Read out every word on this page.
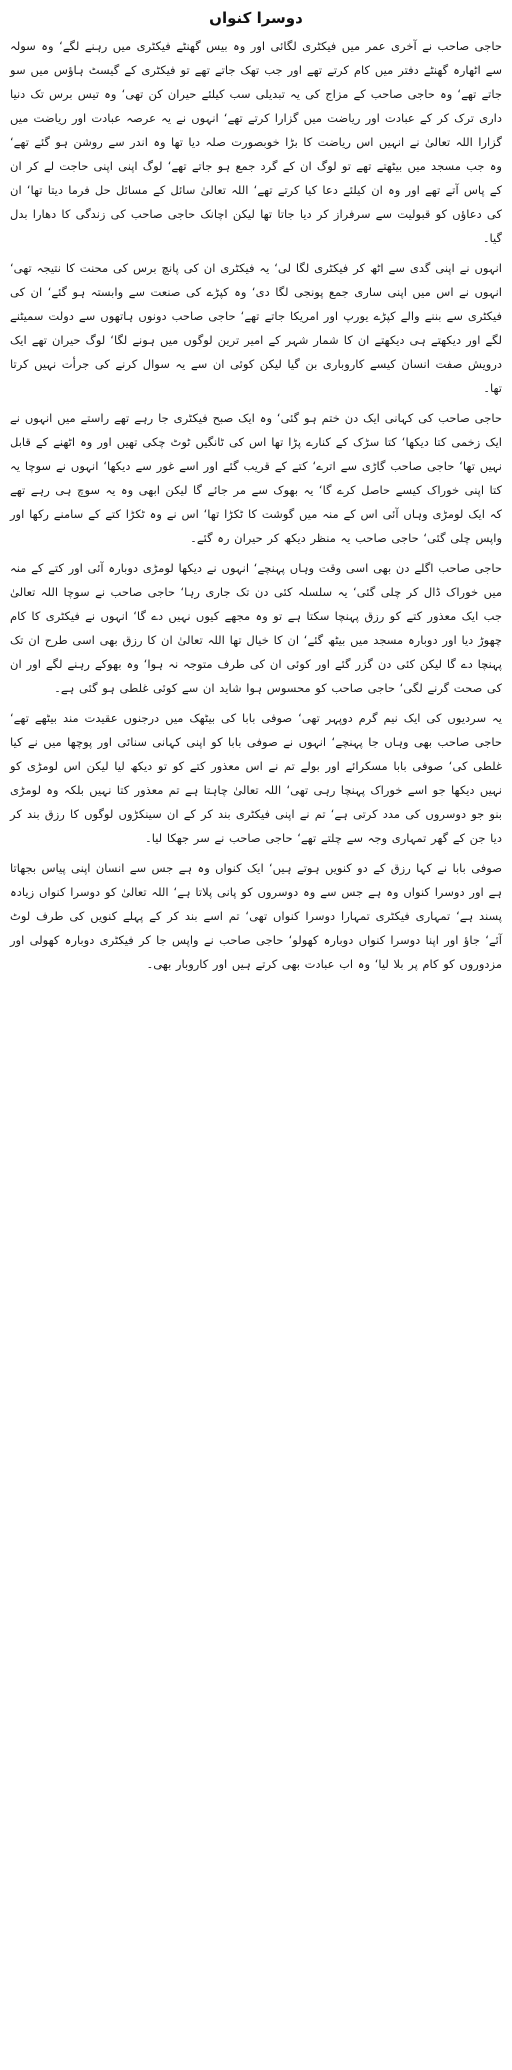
دوسرا کنواں

حاجی صاحب نے آخری عمر میں فیکٹری لگائی اور وہ بیس گھنٹے فیکٹری میں رہنے لگے‘ وہ سولہ سے اٹھارہ گھنٹے دفتر میں کام کرتے تھے اور جب تھک جاتے تھے تو فیکٹری کے گیسٹ ہاؤس میں سو جاتے تھے‘ وہ حاجی صاحب کے مزاج کی یہ تبدیلی سب کیلئے حیران کن تھی‘ وہ تیس برس تک دنیا داری ترک کر کے عبادت اور ریاضت میں گزارا کرتے تھے‘ انہوں نے یہ عرصہ عبادت اور ریاضت میں گزارا اللہ تعالیٰ نے انہیں اس ریاضت کا بڑا خوبصورت صلہ دیا تھا وہ اندر سے روشن ہو گئے تھے‘ وہ جب مسجد میں بیٹھتے تھے تو لوگ ان کے گرد جمع ہو جاتے تھے‘ لوگ اپنی اپنی حاجت لے کر ان کے پاس آتے تھے اور وہ ان کیلئے دعا کیا کرتے تھے‘ اللہ تعالیٰ سائل کے مسائل حل فرما دیتا تھا‘ ان کی دعاؤں کو قبولیت سے سرفراز کر دیا جاتا تھا لیکن اچانک حاجی صاحب کی زندگی کا دھارا بدل گیا۔

انہوں نے اپنی گدی سے اٹھ کر فیکٹری لگا لی‘ یہ فیکٹری ان کی پانچ برس کی محنت کا نتیجہ تھی‘ انہوں نے اس میں اپنی ساری جمع پونجی لگا دی‘ وہ کپڑے کی صنعت سے وابستہ ہو گئے‘ ان کی فیکٹری سے بننے والے کپڑے یورپ اور امریکا جاتے تھے‘ حاجی صاحب دونوں ہاتھوں سے دولت سمیٹنے لگے اور دیکھتے ہی دیکھتے ان کا شمار شہر کے امیر ترین لوگوں میں ہونے لگا‘ لوگ حیران تھے ایک درویش صفت انسان کیسے کاروباری بن گیا لیکن کوئی ان سے یہ سوال کرنے کی جرأت نہیں کرتا تھا۔

حاجی صاحب کی کہانی ایک دن ختم ہو گئی‘ وہ ایک صبح فیکٹری جا رہے تھے راستے میں انہوں نے ایک زخمی کتا دیکھا‘ کتا سڑک کے کنارے پڑا تھا اس کی ٹانگیں ٹوٹ چکی تھیں اور وہ اٹھنے کے قابل نہیں تھا‘ حاجی صاحب گاڑی سے اترے‘ کتے کے قریب گئے اور اسے غور سے دیکھا‘ انہوں نے سوچا یہ کتا اپنی خوراک کیسے حاصل کرے گا‘ یہ بھوک سے مر جائے گا لیکن ابھی وہ یہ سوچ ہی رہے تھے کہ ایک لومڑی وہاں آئی اس کے منہ میں گوشت کا ٹکڑا تھا‘ اس نے وہ ٹکڑا کتے کے سامنے رکھا اور واپس چلی گئی‘ حاجی صاحب یہ منظر دیکھ کر حیران رہ گئے۔

حاجی صاحب اگلے دن بھی اسی وقت وہاں پہنچے‘ انہوں نے دیکھا لومڑی دوبارہ آئی اور کتے کے منہ میں خوراک ڈال کر چلی گئی‘ یہ سلسلہ کئی دن تک جاری رہا‘ حاجی صاحب نے سوچا اللہ تعالیٰ جب ایک معذور کتے کو رزق پہنچا سکتا ہے تو وہ مجھے کیوں نہیں دے گا‘ انہوں نے فیکٹری کا کام چھوڑ دیا اور دوبارہ مسجد میں بیٹھ گئے‘ ان کا خیال تھا اللہ تعالیٰ ان کا رزق بھی اسی طرح ان تک پہنچا دے گا لیکن کئی دن گزر گئے اور کوئی ان کی طرف متوجہ نہ ہوا‘ وہ بھوکے رہنے لگے اور ان کی صحت گرنے لگی‘ حاجی صاحب کو محسوس ہوا شاید ان سے کوئی غلطی ہو گئی ہے۔

یہ سردیوں کی ایک نیم گرم دوپہر تھی‘ صوفی بابا کی بیٹھک میں درجنوں عقیدت مند بیٹھے تھے‘ حاجی صاحب بھی وہاں جا پہنچے‘ انہوں نے صوفی بابا کو اپنی کہانی سنائی اور پوچھا میں نے کیا غلطی کی‘ صوفی بابا مسکرائے اور بولے تم نے اس معذور کتے کو تو دیکھ لیا لیکن اس لومڑی کو نہیں دیکھا جو اسے خوراک پہنچا رہی تھی‘ اللہ تعالیٰ چاہتا ہے تم معذور کتا نہیں بلکہ وہ لومڑی بنو جو دوسروں کی مدد کرتی ہے‘ تم نے اپنی فیکٹری بند کر کے ان سینکڑوں لوگوں کا رزق بند کر دیا جن کے گھر تمہاری وجہ سے چلتے تھے‘ حاجی صاحب نے سر جھکا لیا۔

صوفی بابا نے کہا رزق کے دو کنویں ہوتے ہیں‘ ایک کنواں وہ ہے جس سے انسان اپنی پیاس بجھاتا ہے اور دوسرا کنواں وہ ہے جس سے وہ دوسروں کو پانی پلاتا ہے‘ اللہ تعالیٰ کو دوسرا کنواں زیادہ پسند ہے‘ تمہاری فیکٹری تمہارا دوسرا کنواں تھی‘ تم اسے بند کر کے پہلے کنویں کی طرف لوٹ آئے‘ جاؤ اور اپنا دوسرا کنواں دوبارہ کھولو‘ حاجی صاحب نے واپس جا کر فیکٹری دوبارہ کھولی اور مزدوروں کو کام پر بلا لیا‘ وہ اب عبادت بھی کرتے ہیں اور کاروبار بھی۔
